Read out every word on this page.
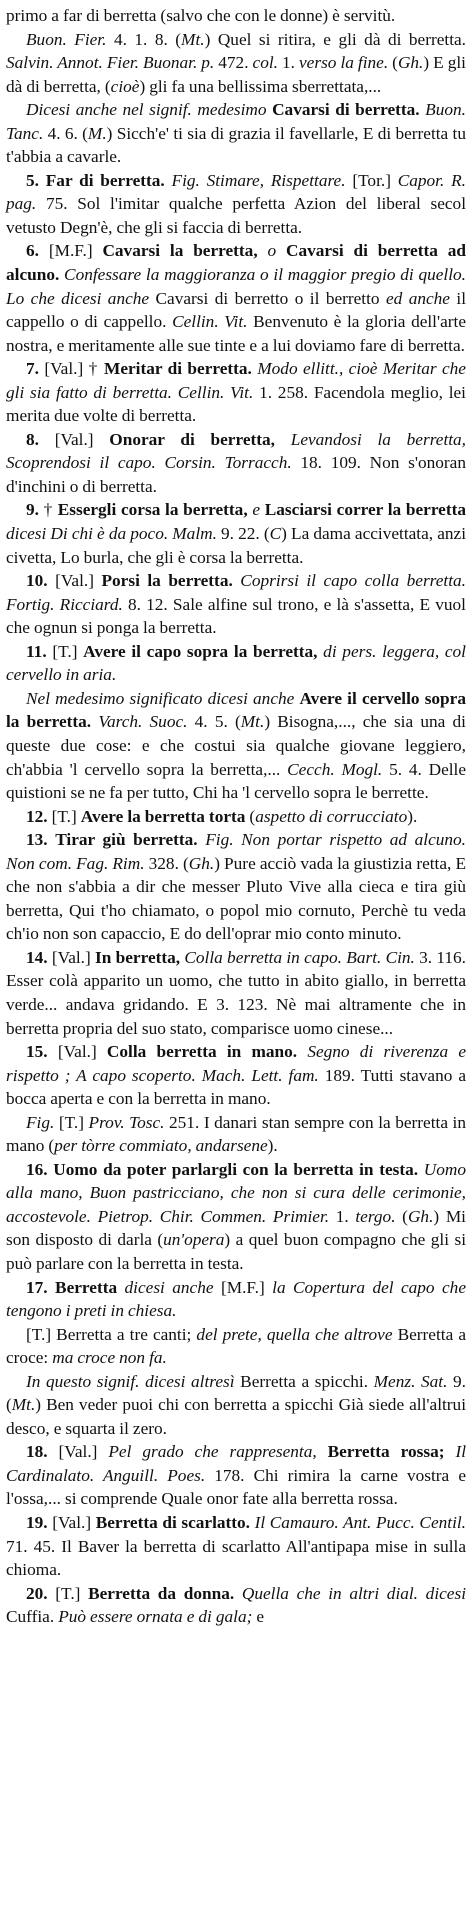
primo a far di berretta (salvo che con le donne) è servitù.

Buon. Fier. 4. 1. 8. (Mt.) Quel si ritira, e gli dà di berretta. Salvin. Annot. Fier. Buonar. p. 472. col. 1. verso la fine. (Gh.) E gli dà di berretta, (cioè) gli fa una bellissima sberrettata,...

Dicesi anche nel signif. medesimo Cavarsi di berretta. Buon. Tanc. 4. 6. (M.) Sicch'e' ti sia di grazia il favellarle, E di berretta tu t'abbia a cavarle.

5. Far di berretta. Fig. Stimare, Rispettare. [Tor.] Capor. R. pag. 75. Sol l'imitar qualche perfetta Azion del liberal secol vetusto Degn'è, che gli si faccia di berretta.

6. [M.F.] Cavarsi la berretta, o Cavarsi di berretta ad alcuno. Confessare la maggioranza o il maggior pregio di quello. Lo che dicesi anche Cavarsi di berretto o il berretto ed anche il cappello o di cappello. Cellin. Vit. Benvenuto è la gloria dell'arte nostra, e meritamente alle sue tinte e a lui doviamo fare di berretta.

7. [Val.] † Meritar di berretta. Modo ellitt., cioè Meritar che gli sia fatto di berretta. Cellin. Vit. 1. 258. Facendola meglio, lei merita due volte di berretta.

8. [Val.] Onorar di berretta, Levandosi la berretta, Scoprendosi il capo. Corsin. Torracch. 18. 109. Non s'onoran d'inchini o di berretta.

9. † Essergli corsa la berretta, e Lasciarsi correr la berretta dicesi Di chi è da poco. Malm. 9. 22. (C) La dama accivettata, anzi civetta, Lo burla, che gli è corsa la berretta.

10. [Val.] Porsi la berretta. Coprirsi il capo colla berretta. Fortig. Ricciard. 8. 12. Sale alfine sul trono, e là s'assetta, E vuol che ognun si ponga la berretta.

11. [T.] Avere il capo sopra la berretta, di pers. leggera, col cervello in aria.

Nel medesimo significato dicesi anche Avere il cervello sopra la berretta. Varch. Suoc. 4. 5. (Mt.) Bisogna,..., che sia una di queste due cose: e che costui sia qualche giovane leggiero, ch'abbia 'l cervello sopra la berretta,... Cecch. Mogl. 5. 4. Delle quistioni se ne fa per tutto, Chi ha 'l cervello sopra le berrette.

12. [T.] Avere la berretta torta (aspetto di corrucciato).

13. Tirar giù berretta. Fig. Non portar rispetto ad alcuno. Non com. Fag. Rim. 328. (Gh.) Pure acciò vada la giustizia retta, E che non s'abbia a dir che messer Pluto Vive alla cieca e tira giù berretta, Qui t'ho chiamato, o popol mio cornuto, Perchè tu veda ch'io non son capaccio, E do dell'oprar mio conto minuto.

14. [Val.] In berretta, Colla berretta in capo. Bart. Cin. 3. 116. Esser colà apparito un uomo, che tutto in abito giallo, in berretta verde... andava gridando. E 3. 123. Nè mai altramente che in berretta propria del suo stato, comparisce uomo cinese...

15. [Val.] Colla berretta in mano. Segno di riverenza e rispetto ; A capo scoperto. Mach. Lett. fam. 189. Tutti stavano a bocca aperta e con la berretta in mano.

Fig. [T.] Prov. Tosc. 251. I danari stan sempre con la berretta in mano (per tòrre commiato, andarsene).

16. Uomo da poter parlargli con la berretta in testa. Uomo alla mano, Buon pastricciano, che non si cura delle cerimonie, accostevole. Pietrop. Chir. Commen. Primier. 1. tergo. (Gh.) Mi son disposto di darla (un'opera) a quel buon compagno che gli si può parlare con la berretta in testa.

17. Berretta dicesi anche [M.F.] la Copertura del capo che tengono i preti in chiesa.

[T.] Berretta a tre canti; del prete, quella che altrove Berretta a croce: ma croce non fa.

In questo signif. dicesi altresì Berretta a spicchi. Menz. Sat. 9. (Mt.) Ben veder puoi chi con berretta a spicchi Già siede all'altrui desco, e squarta il zero.

18. [Val.] Pel grado che rappresenta, Berretta rossa; Il Cardinalato. Anguill. Poes. 178. Chi rimira la carne vostra e l'ossa,... si comprende Quale onor fate alla berretta rossa.

19. [Val.] Berretta di scarlatto. Il Camauro. Ant. Pucc. Centil. 71. 45. Il Baver la berretta di scarlatto All'antipapa mise in sulla chioma.

20. [T.] Berretta da donna. Quella che in altri dial. dicesi Cuffia. Può essere ornata e di gala; e
